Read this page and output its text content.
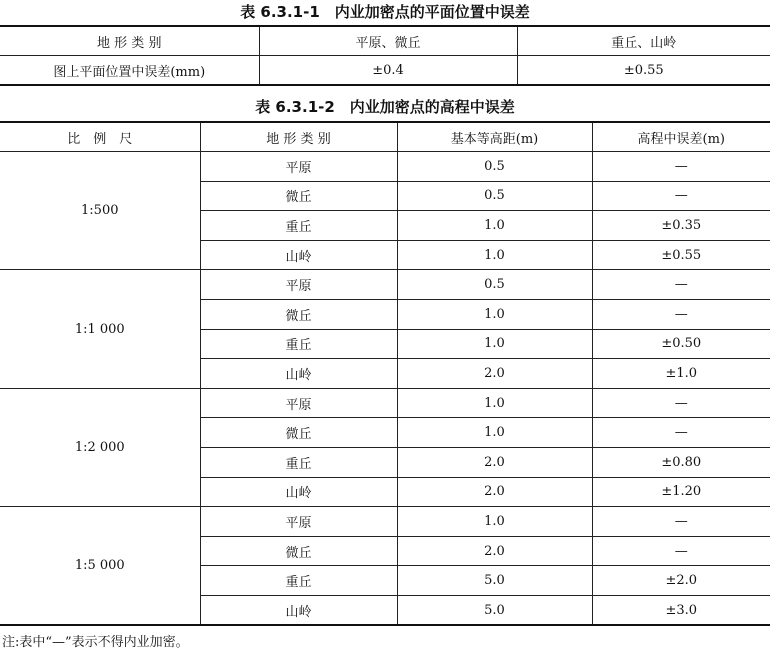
表 6.3.1-1　内业加密点的平面位置中误差
地 形 类 别	平原、微丘	重丘、山岭
图上平面位置中误差(mm)	±0.4	±0.55
表 6.3.1-2　内业加密点的高程中误差
比　例　尺	地 形 类 别	基本等高距(m)	高程中误差(m)
1:500	平原	0.5	—
	微丘	0.5	—
	重丘	1.0	±0.35
	山岭	1.0	±0.55
1:1 000	平原	0.5	—
	微丘	1.0	—
	重丘	1.0	±0.50
	山岭	2.0	±1.0
1:2 000	平原	1.0	—
	微丘	1.0	—
	重丘	2.0	±0.80
	山岭	2.0	±1.20
1:5 000	平原	1.0	—
	微丘	2.0	—
	重丘	5.0	±2.0
	山岭	5.0	±3.0
注:表中“—”表示不得内业加密。
